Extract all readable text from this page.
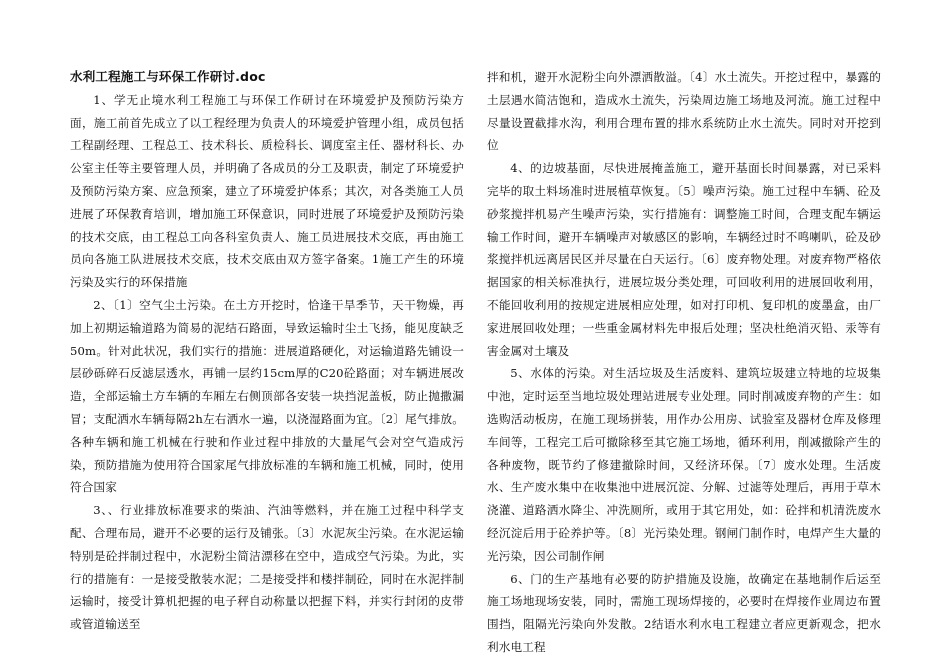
水利工程施工与环保工作研讨.doc

1、学无止境水利工程施工与环保工作研讨在环境爱护及预防污染方面，施工前首先成立了以工程经理为负责人的环境爱护管理小组，成员包括工程副经理、工程总工、技术科长、质检科长、调度室主任、器材科长、办公室主任等主要管理人员，并明确了各成员的分工及职责，制定了环境爱护及预防污染方案、应急预案，建立了环境爱护体系；其次，对各类施工人员进展了环保教育培训，增加施工环保意识，同时进展了环境爱护及预防污染的技术交底，由工程总工向各科室负责人、施工员进展技术交底，再由施工员向各施工队进展技术交底，技术交底由双方签字备案。1施工产生的环境污染及实行的环保措施

2、〔1〕空气尘土污染。在土方开挖时，恰逢干旱季节，天干物燥，再加上初期运输道路为简易的泥结石路面，导致运输时尘土飞扬，能见度缺乏50m。针对此状况，我们实行的措施：进展道路硬化，对运输道路先铺设一层砂砾碎石反滤层透水，再铺一层约15cm厚的C20砼路面；对车辆进展改造，全部运输土方车辆的车厢左右侧顶部各安装一块挡泥盖板，防止抛撒漏冒；支配洒水车辆每隔2h左右洒水一遍，以浇湿路面为宜。〔2〕尾气排放。各种车辆和施工机械在行驶和作业过程中排放的大量尾气会对空气造成污染，预防措施为使用符合国家尾气排放标准的车辆和施工机械，同时，使用符合国家

3、、行业排放标准要求的柴油、汽油等燃料，并在施工过程中科学支配、合理布局，避开不必要的运行及铺张。〔3〕水泥灰尘污染。在水泥运输特别是砼拌制过程中，水泥粉尘简洁漂移在空中，造成空气污染。为此，实行的措施有：一是接受散装水泥；二是接受拌和楼拌制砼，同时在水泥拌制运输时，接受计算机把握的电子秤自动称量以把握下料，并实行封闭的皮带或管道输送至

拌和机，避开水泥粉尘向外漂洒散溢。〔4〕水土流失。开挖过程中，暴露的土层遇水简洁饱和，造成水土流失，污染周边施工场地及河流。施工过程中尽量设置截排水沟，利用合理布置的排水系统防止水土流失。同时对开挖到位

4、的边坡基面，尽快进展掩盖施工，避开基面长时间暴露，对已采料完毕的取土料场准时进展植草恢复。〔5〕噪声污染。施工过程中车辆、砼及砂浆搅拌机易产生噪声污染，实行措施有：调整施工时间，合理支配车辆运输工作时间，避开车辆噪声对敏感区的影响，车辆经过时不鸣喇叭，砼及砂浆搅拌机远离居民区并尽量在白天运行。〔6〕废弃物处理。对废弃物严格依据国家的相关标准执行，进展垃圾分类处理，可回收利用的进展回收利用，不能回收利用的按规定进展相应处理，如对打印机、复印机的废墨盒，由厂家进展回收处理；一些重金属材料先申报后处理；坚决杜绝消灭铅、汞等有害金属对土壤及

5、水体的污染。对生活垃圾及生活废料、建筑垃圾建立特地的垃圾集中池，定时运至当地垃圾处理站进展专业处理。同时削减废弃物的产生：如选购活动板房，在施工现场拼装，用作办公用房、试验室及器材仓库及修理车间等，工程完工后可撤除移至其它施工场地，循环利用，削减撤除产生的各种废物，既节约了修建撤除时间，又经济环保。〔7〕废水处理。生活废水、生产废水集中在收集池中进展沉淀、分解、过滤等处理后，再用于草木浇灌、道路洒水降尘、冲洗厕所，或用于其它用处，如：砼拌和机清洗废水经沉淀后用于砼养护等。〔8〕光污染处理。钢闸门制作时，电焊产生大量的光污染，因公司制作闸

6、门的生产基地有必要的防护措施及设施，故确定在基地制作后运至施工场地现场安装，同时，需施工现场焊接的，必要时在焊接作业周边布置围挡，阻隔光污染向外发散。2结语水利水电工程建立者应更新观念，把水利水电工程
